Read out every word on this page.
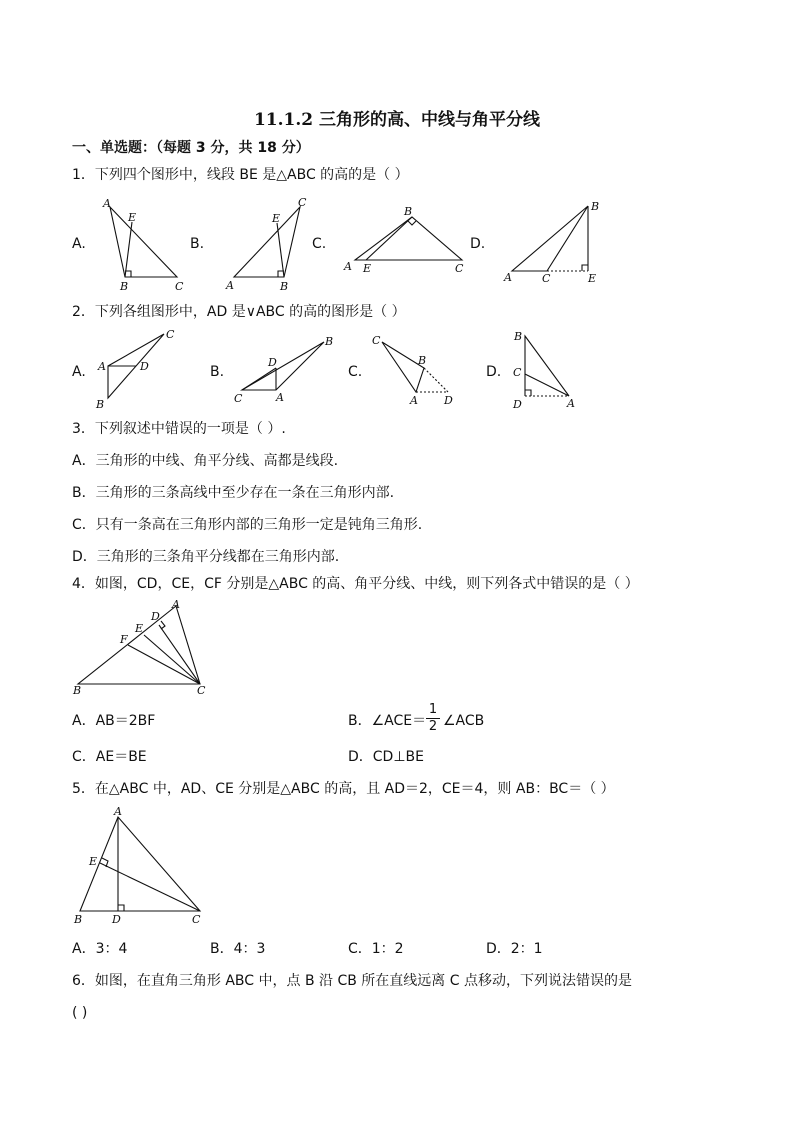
11.1.2 三角形的高、中线与角平分线
一、单选题：（每题 3 分，共 18 分）
1．下列四个图形中，线段 BE 是△ABC 的高的是（ ）
A.	B.	C.	D.
A
E
B	C	A
E
B
C
A
B
E	C
A	C
B
E
2．下列各组图形中，AD 是∨ABC 的高的图形是（ ）
A.	B.	C.	D.
A	D
B
C
C
D
A
B	C
B
A D
B
C
D	A
3．下列叙述中错误的一项是（ ）.
A．三角形的中线、角平分线、高都是线段.
B．三角形的三条高线中至少存在一条在三角形内部.
C．只有一条高在三角形内部的三角形一定是钝角三角形.
D．三角形的三条角平分线都在三角形内部.
4．如图，CD，CE，CF 分别是△ABC 的高、角平分线、中线，则下列各式中错误的是（ ）
A
D
E
F
B	C
A．AB＝2BF	B．∠ACE＝ $\frac{1}{2}$ ∠ACB
C．AE＝BE	D．CD⊥BE
5．在△ABC 中，AD、CE 分别是△ABC 的高，且 AD＝2，CE＝4，则 AB：BC＝（ ）
A
E
B	D	C
A．3：4	B．4：3	C．1：2	D．2：1
6．如图，在直角三角形 ABC 中，点 B 沿 CB 所在直线远离 C 点移动，下列说法错误的是
( )
